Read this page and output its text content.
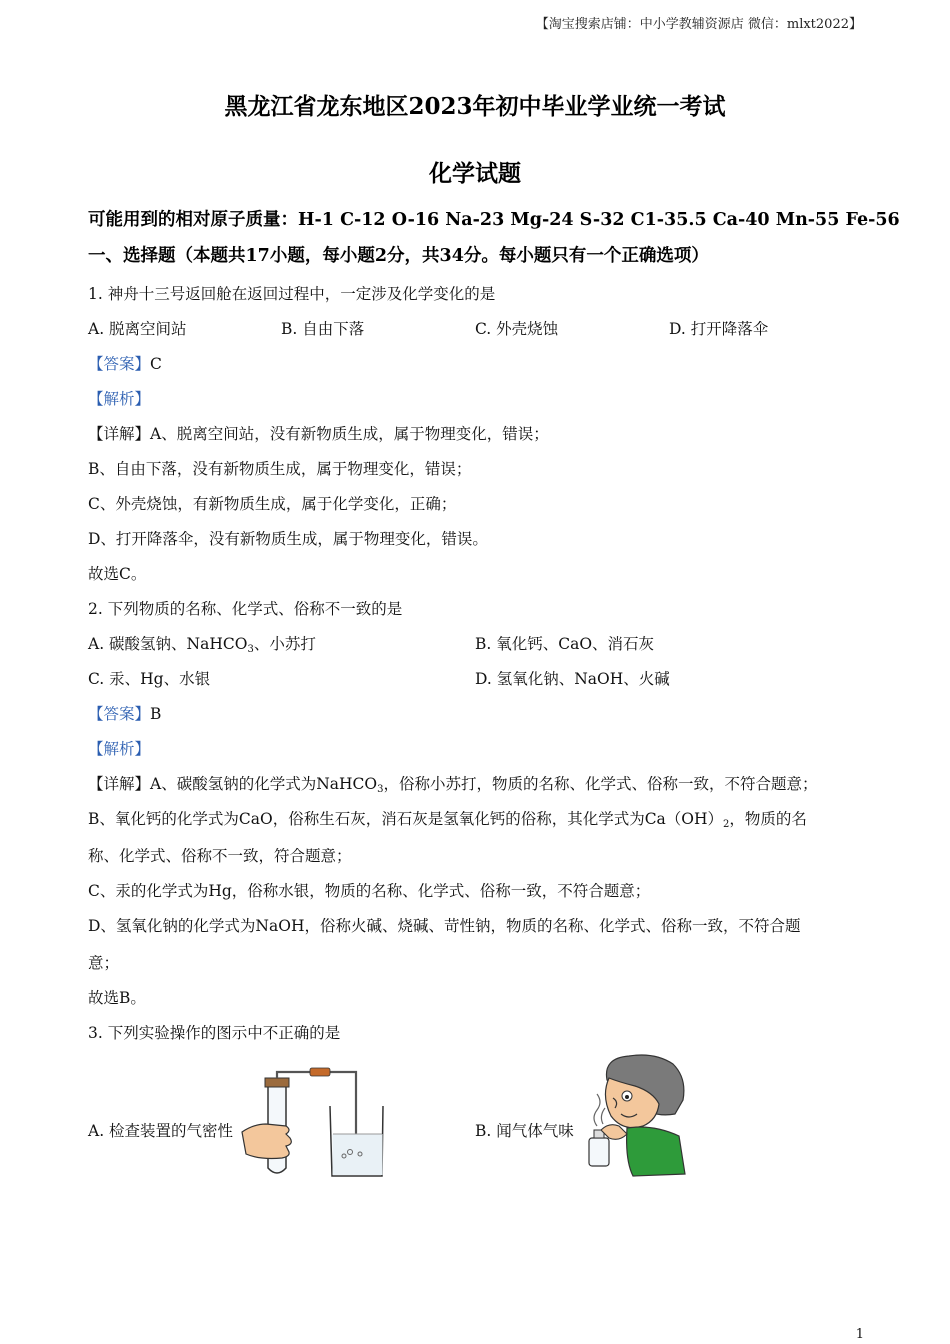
【淘宝搜索店铺：中小学教辅资源店 微信：mlxt2022】
黑龙江省龙东地区2023年初中毕业学业统一考试
化学试题
可能用到的相对原子质量：H-1 C-12 O-16 Na-23 Mg-24 S-32 C1-35.5 Ca-40 Mn-55 Fe-56
一、选择题（本题共17小题，每小题2分，共34分。每小题只有一个正确选项）
1. 神舟十三号返回舱在返回过程中，一定涉及化学变化的是
A. 脱离空间站	B. 自由下落	C. 外壳烧蚀	D. 打开降落伞
【答案】C
【解析】
【详解】A、脱离空间站，没有新物质生成，属于物理变化，错误；
B、自由下落，没有新物质生成，属于物理变化，错误；
C、外壳烧蚀，有新物质生成，属于化学变化，正确；
D、打开降落伞，没有新物质生成，属于物理变化，错误。
故选C。
2. 下列物质的名称、化学式、俗称不一致的是
A. 碳酸氢钠、NaHCO$_3$、小苏打	B. 氧化钙、CaO、消石灰
C. 汞、Hg、水银	D. 氢氧化钠、NaOH、火碱
【答案】B
【解析】
【详解】A、碳酸氢钠的化学式为NaHCO$_3$，俗称小苏打，物质的名称、化学式、俗称一致，不符合题意；
B、氧化钙的化学式为CaO，俗称生石灰，消石灰是氢氧化钙的俗称，其化学式为$Ca(OH)_2$，物质的名
称、化学式、俗称不一致，符合题意；
C、汞的化学式为Hg，俗称水银，物质的名称、化学式、俗称一致，不符合题意；
D、氢氧化钠的化学式为NaOH，俗称火碱、烧碱、苛性钠，物质的名称、化学式、俗称一致，不符合题
意；
故选B。
3. 下列实验操作的图示中不正确的是
A. 检查装置的气密性	B. 闻气体气味
1
